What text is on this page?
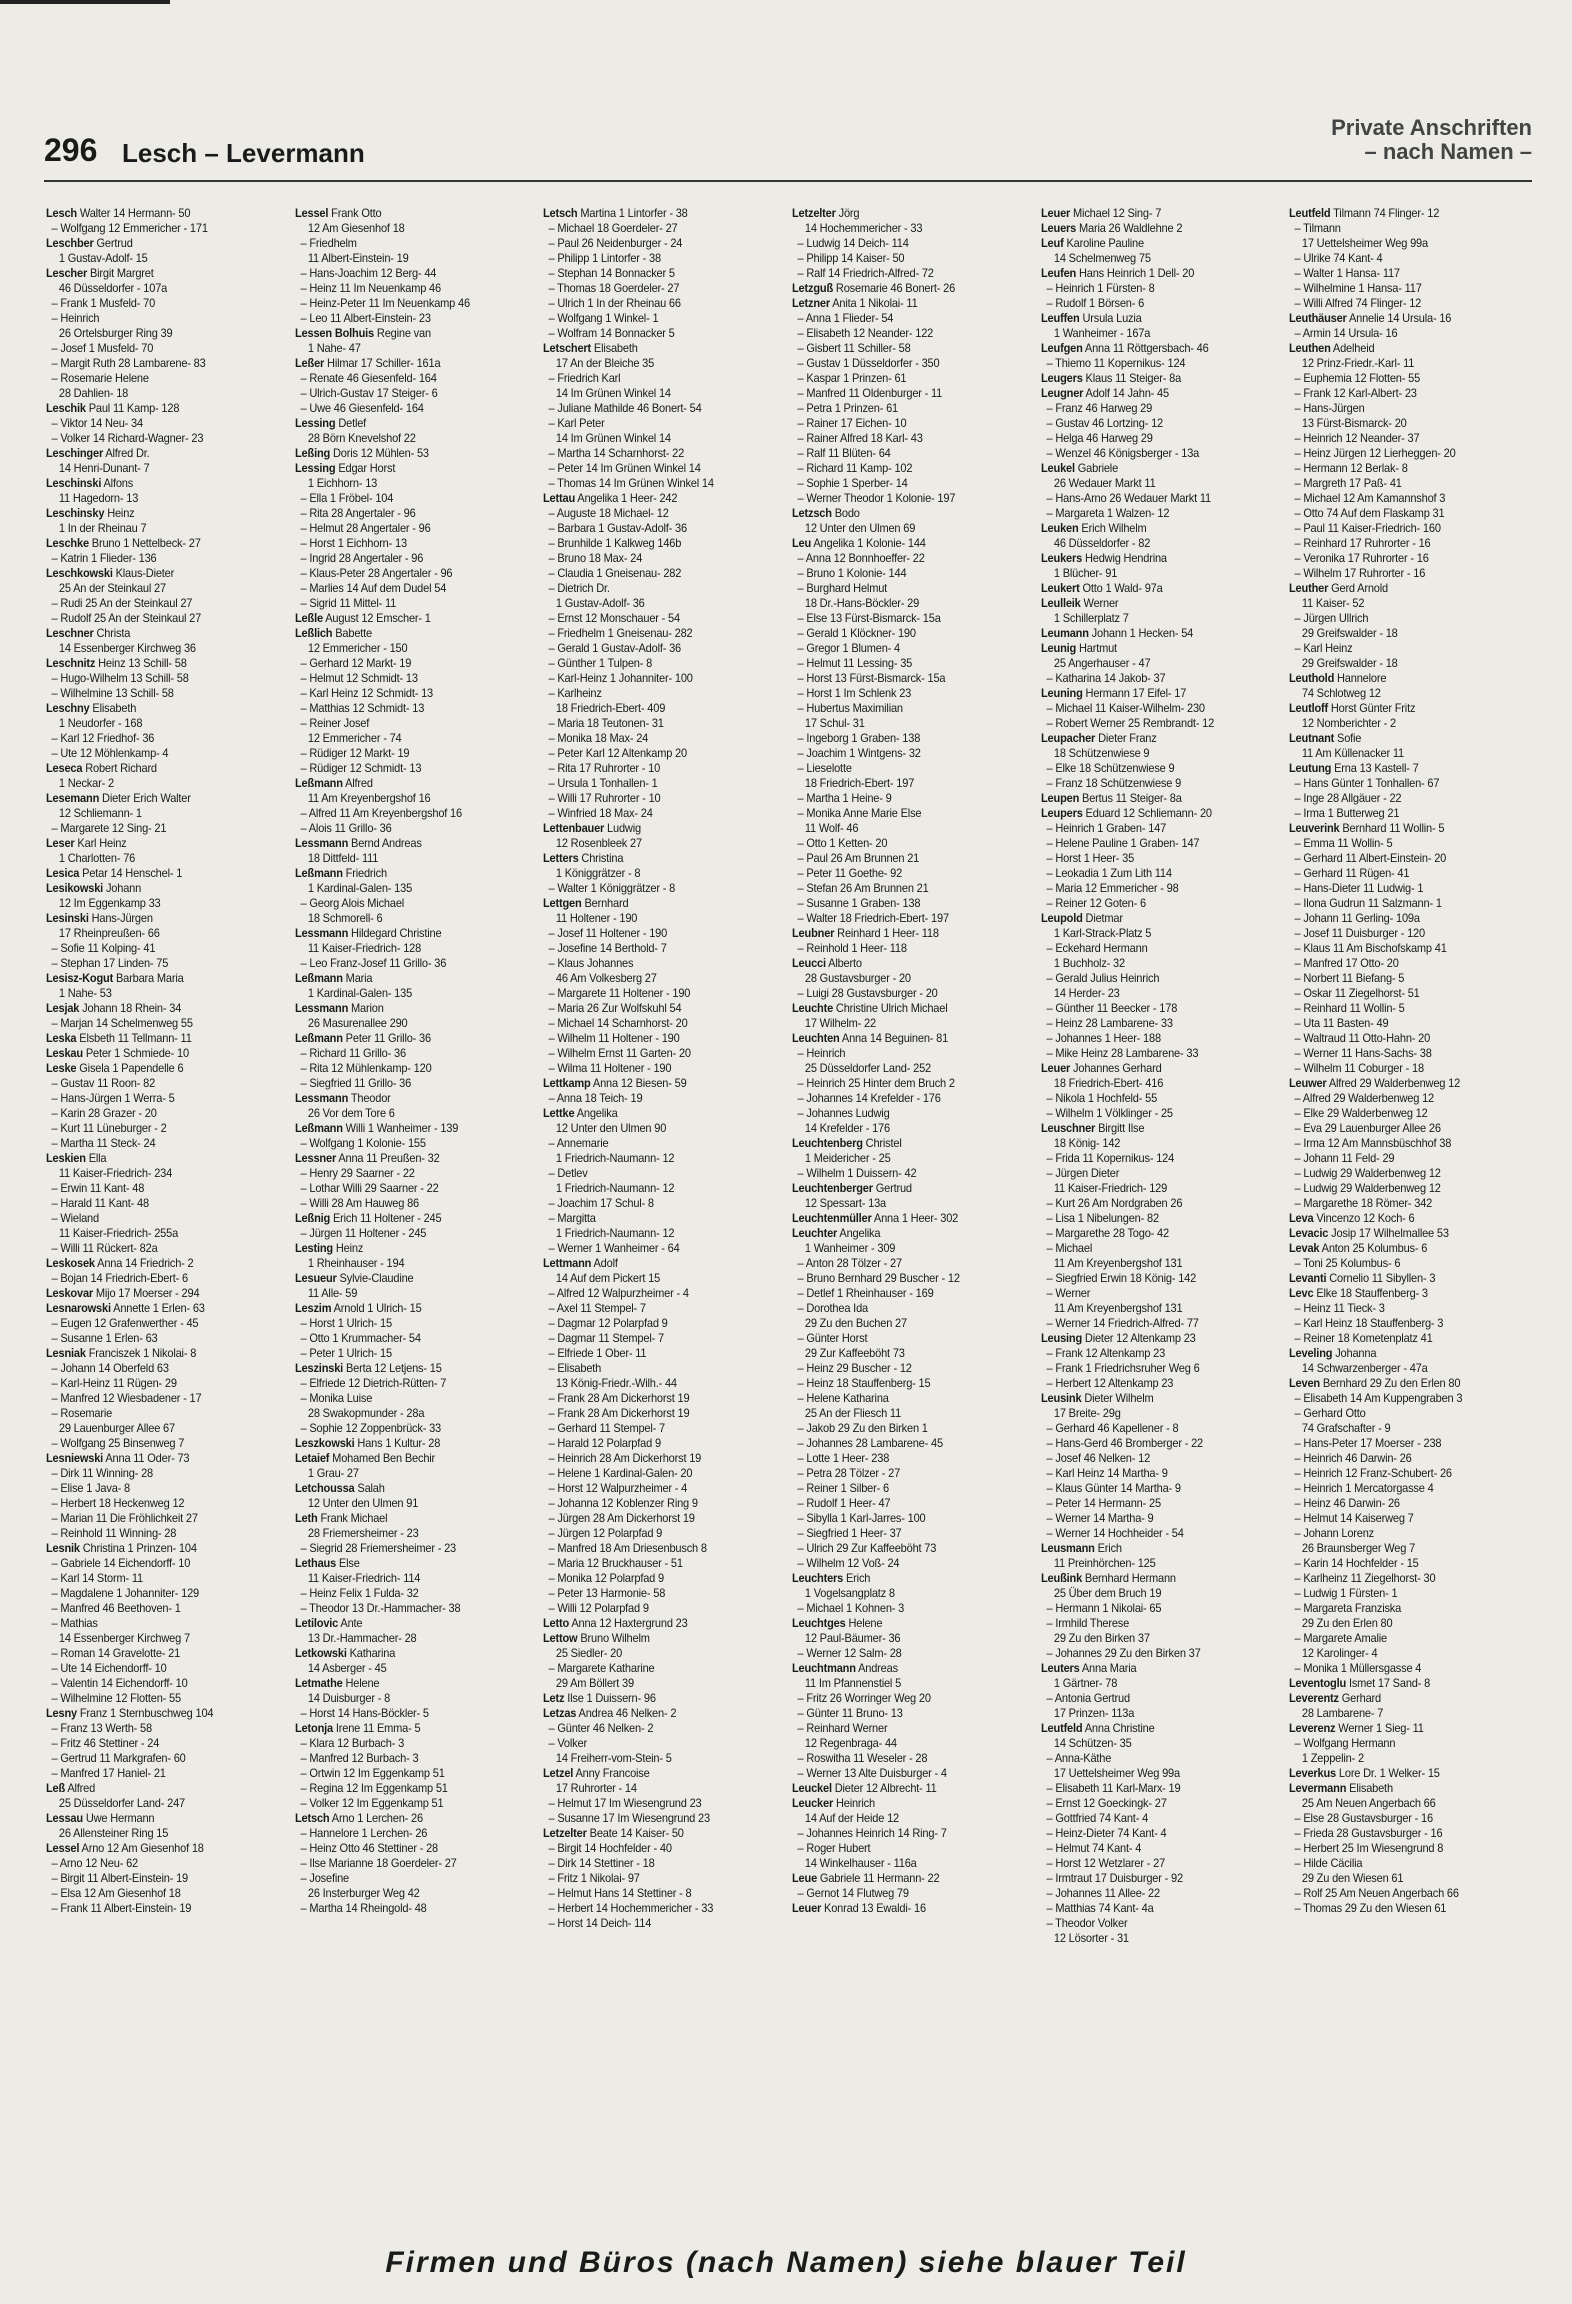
296 Lesch – Levermann
Private Anschriften
– nach Namen –
Lesch Walter 14 Hermann- 50
– Wolfgang 12 Emmericher - 171
Leschber Gertrud
1 Gustav-Adolf- 15
Lescher Birgit Margret
46 Düsseldorfer - 107a
– Frank 1 Musfeld- 70
– Heinrich
26 Ortelsburger Ring 39
– Josef 1 Musfeld- 70
– Margit Ruth 28 Lambarene- 83
– Rosemarie Helene
28 Dahlien- 18
Leschik Paul 11 Kamp- 128
– Viktor 14 Neu- 34
– Volker 14 Richard-Wagner- 23
Leschinger Alfred Dr.
14 Henri-Dunant- 7
Leschinski Alfons
11 Hagedorn- 13
Leschinsky Heinz
1 In der Rheinau 7
Leschke Bruno 1 Nettelbeck- 27
– Katrin 1 Flieder- 136
Leschkowski Klaus-Dieter
25 An der Steinkaul 27
– Rudi 25 An der Steinkaul 27
– Rudolf 25 An der Steinkaul 27
Leschner Christa
14 Essenberger Kirchweg 36
Leschnitz Heinz 13 Schill- 58
– Hugo-Wilhelm 13 Schill- 58
– Wilhelmine 13 Schill- 58
Leschny Elisabeth
1 Neudorfer - 168
– Karl 12 Friedhof- 36
– Ute 12 Möhlenkamp- 4
Leseca Robert Richard
1 Neckar- 2
Lesemann Dieter Erich Walter
12 Schliemann- 1
– Margarete 12 Sing- 21
Leser Karl Heinz
1 Charlotten- 76
Lesica Petar 14 Henschel- 1
Lesikowski Johann
12 Im Eggenkamp 33
Lesinski Hans-Jürgen
17 Rheinpreußen- 66
– Sofie 11 Kolping- 41
– Stephan 17 Linden- 75
Lesisz-Kogut Barbara Maria
1 Nahe- 53
Lesjak Johann 18 Rhein- 34
– Marjan 14 Schelmenweg 55
Leska Elsbeth 11 Tellmann- 11
Leskau Peter 1 Schmiede- 10
Leske Gisela 1 Papendelle 6
– Gustav 11 Roon- 82
– Hans-Jürgen 1 Werra- 5
– Karin 28 Grazer - 20
– Kurt 11 Lüneburger - 2
– Martha 11 Steck- 24
Leskien Ella
11 Kaiser-Friedrich- 234
– Erwin 11 Kant- 48
– Harald 11 Kant- 48
– Wieland
11 Kaiser-Friedrich- 255a
– Willi 11 Rückert- 82a
Leskosek Anna 14 Friedrich- 2
– Bojan 14 Friedrich-Ebert- 6
Leskovar Mijo 17 Moerser - 294
Lesnarowski Annette 1 Erlen- 63
– Eugen 12 Grafenwerther - 45
– Susanne 1 Erlen- 63
Lesniak Franciszek 1 Nikolai- 8
– Johann 14 Oberfeld 63
– Karl-Heinz 11 Rügen- 29
– Manfred 12 Wiesbadener - 17
– Rosemarie
29 Lauenburger Allee 67
– Wolfgang 25 Binsenweg 7
Lesniewski Anna 11 Oder- 73
– Dirk 11 Winning- 28
– Elise 1 Java- 8
– Herbert 18 Heckenweg 12
– Marian 11 Die Fröhlichkeit 27
– Reinhold 11 Winning- 28
Lesnik Christina 1 Prinzen- 104
– Gabriele 14 Eichendorff- 10
– Karl 14 Storm- 11
– Magdalene 1 Johanniter- 129
– Manfred 46 Beethoven- 1
– Mathias
14 Essenberger Kirchweg 7
– Roman 14 Gravelotte- 21
– Ute 14 Eichendorff- 10
– Valentin 14 Eichendorff- 10
– Wilhelmine 12 Flotten- 55
Lesny Franz 1 Sternbuschweg 104
– Franz 13 Werth- 58
– Fritz 46 Stettiner - 24
– Gertrud 11 Markgrafen- 60
– Manfred 17 Haniel- 21
Leß Alfred
25 Düsseldorfer Land- 247
Lessau Uwe Hermann
26 Allensteiner Ring 15
Lessel Arno 12 Am Giesenhof 18
– Arno 12 Neu- 62
– Birgit 11 Albert-Einstein- 19
– Elsa 12 Am Giesenhof 18
– Frank 11 Albert-Einstein- 19
Lessel Frank Otto
12 Am Giesenhof 18
– Friedhelm
11 Albert-Einstein- 19
– Hans-Joachim 12 Berg- 44
– Heinz 11 Im Neuenkamp 46
– Heinz-Peter 11 Im Neuenkamp 46
– Leo 11 Albert-Einstein- 23
Lessen Bolhuis Regine van
1 Nahe- 47
Leßer Hilmar 17 Schiller- 161a
– Renate 46 Giesenfeld- 164
– Ulrich-Gustav 17 Steiger- 6
– Uwe 46 Giesenfeld- 164
Lessing Detlef
28 Börn Knevelshof 22
Leßing Doris 12 Mühlen- 53
Lessing Edgar Horst
1 Eichhorn- 13
– Ella 1 Fröbel- 104
– Rita 28 Angertaler - 96
– Helmut 28 Angertaler - 96
– Horst 1 Eichhorn- 13
– Ingrid 28 Angertaler - 96
– Klaus-Peter 28 Angertaler - 96
– Marlies 14 Auf dem Dudel 54
– Sigrid 11 Mittel- 11
Leßle August 12 Emscher- 1
Leßlich Babette
12 Emmericher - 150
– Gerhard 12 Markt- 19
– Helmut 12 Schmidt- 13
– Karl Heinz 12 Schmidt- 13
– Matthias 12 Schmidt- 13
– Reiner Josef
12 Emmericher - 74
– Rüdiger 12 Markt- 19
– Rüdiger 12 Schmidt- 13
Leßmann Alfred
11 Am Kreyenbergshof 16
– Alfred 11 Am Kreyenbergshof 16
– Alois 11 Grillo- 36
Lessmann Bernd Andreas
18 Dittfeld- 111
Leßmann Friedrich
1 Kardinal-Galen- 135
– Georg Alois Michael
18 Schmorell- 6
Lessmann Hildegard Christine
11 Kaiser-Friedrich- 128
– Leo Franz-Josef 11 Grillo- 36
Leßmann Maria
1 Kardinal-Galen- 135
Lessmann Marion
26 Masurenallee 290
Leßmann Peter 11 Grillo- 36
– Richard 11 Grillo- 36
– Rita 12 Mühlenkamp- 120
– Siegfried 11 Grillo- 36
Lessmann Theodor
26 Vor dem Tore 6
Leßmann Willi 1 Wanheimer - 139
– Wolfgang 1 Kolonie- 155
Lessner Anna 11 Preußen- 32
– Henry 29 Saarner - 22
– Lothar Willi 29 Saarner - 22
– Willi 28 Am Hauweg 86
Leßnig Erich 11 Holtener - 245
– Jürgen 11 Holtener - 245
Lesting Heinz
1 Rheinhauser - 194
Lesueur Sylvie-Claudine
11 Alle- 59
Leszim Arnold 1 Ulrich- 15
– Horst 1 Ulrich- 15
– Otto 1 Krummacher- 54
– Peter 1 Ulrich- 15
Leszinski Berta 12 Letjens- 15
– Elfriede 12 Dietrich-Rütten- 7
– Monika Luise
28 Swakopmunder - 28a
– Sophie 12 Zoppenbrück- 33
Leszkowski Hans 1 Kultur- 28
Letaief Mohamed Ben Bechir
1 Grau- 27
Letchoussa Salah
12 Unter den Ulmen 91
Leth Frank Michael
28 Friemersheimer - 23
– Siegrid 28 Friemersheimer - 23
Lethaus Else
11 Kaiser-Friedrich- 114
– Heinz Felix 1 Fulda- 32
– Theodor 13 Dr.-Hammacher- 38
Letilovic Ante
13 Dr.-Hammacher- 28
Letkowski Katharina
14 Asberger - 45
Letmathe Helene
14 Duisburger - 8
– Horst 14 Hans-Böckler- 5
Letonja Irene 11 Emma- 5
– Klara 12 Burbach- 3
– Manfred 12 Burbach- 3
– Ortwin 12 Im Eggenkamp 51
– Regina 12 Im Eggenkamp 51
– Volker 12 Im Eggenkamp 51
Letsch Arno 1 Lerchen- 26
– Hannelore 1 Lerchen- 26
– Heinz Otto 46 Stettiner - 28
– Ilse Marianne 18 Goerdeler- 27
– Josefine
26 Insterburger Weg 42
– Martha 14 Rheingold- 48
Letsch Martina 1 Lintorfer - 38
– Michael 18 Goerdeler- 27
– Paul 26 Neidenburger - 24
– Philipp 1 Lintorfer - 38
– Stephan 14 Bonnacker 5
– Thomas 18 Goerdeler- 27
– Ulrich 1 In der Rheinau 66
– Wolfgang 1 Winkel- 1
– Wolfram 14 Bonnacker 5
Letschert Elisabeth
17 An der Bleiche 35
– Friedrich Karl
14 Im Grünen Winkel 14
– Juliane Mathilde 46 Bonert- 54
– Karl Peter
14 Im Grünen Winkel 14
– Martha 14 Scharnhorst- 22
– Peter 14 Im Grünen Winkel 14
– Thomas 14 Im Grünen Winkel 14
Lettau Angelika 1 Heer- 242
– Auguste 18 Michael- 12
– Barbara 1 Gustav-Adolf- 36
– Brunhilde 1 Kalkweg 146b
– Bruno 18 Max- 24
– Claudia 1 Gneisenau- 282
– Dietrich Dr.
1 Gustav-Adolf- 36
– Ernst 12 Monschauer - 54
– Friedhelm 1 Gneisenau- 282
– Gerald 1 Gustav-Adolf- 36
– Günther 1 Tulpen- 8
– Karl-Heinz 1 Johanniter- 100
– Karlheinz
18 Friedrich-Ebert- 409
– Maria 18 Teutonen- 31
– Monika 18 Max- 24
– Peter Karl 12 Altenkamp 20
– Rita 17 Ruhrorter - 10
– Ursula 1 Tonhallen- 1
– Willi 17 Ruhrorter - 10
– Winfried 18 Max- 24
Lettenbauer Ludwig
12 Rosenbleek 27
Letters Christina
1 Königgrätzer - 8
– Walter 1 Königgrätzer - 8
Lettgen Bernhard
11 Holtener - 190
– Josef 11 Holtener - 190
– Josefine 14 Berthold- 7
– Klaus Johannes
46 Am Volkesberg 27
– Margarete 11 Holtener - 190
– Maria 26 Zur Wolfskuhl 54
– Michael 14 Scharnhorst- 20
– Wilhelm 11 Holtener - 190
– Wilhelm Ernst 11 Garten- 20
– Wilma 11 Holtener - 190
Lettkamp Anna 12 Biesen- 59
– Anna 18 Teich- 19
Lettke Angelika
12 Unter den Ulmen 90
– Annemarie
1 Friedrich-Naumann- 12
– Detlev
1 Friedrich-Naumann- 12
– Joachim 17 Schul- 8
– Margitta
1 Friedrich-Naumann- 12
– Werner 1 Wanheimer - 64
Lettmann Adolf
14 Auf dem Pickert 15
– Alfred 12 Walpurzheimer - 4
– Axel 11 Stempel- 7
– Dagmar 12 Polarpfad 9
– Dagmar 11 Stempel- 7
– Elfriede 1 Ober- 11
– Elisabeth
13 König-Friedr.-Wilh.- 44
– Frank 28 Am Dickerhorst 19
– Frank 28 Am Dickerhorst 19
– Gerhard 11 Stempel- 7
– Harald 12 Polarpfad 9
– Heinrich 28 Am Dickerhorst 19
– Helene 1 Kardinal-Galen- 20
– Horst 12 Walpurzheimer - 4
– Johanna 12 Koblenzer Ring 9
– Jürgen 28 Am Dickerhorst 19
– Jürgen 12 Polarpfad 9
– Manfred 18 Am Driesenbusch 8
– Maria 12 Bruckhauser - 51
– Monika 12 Polarpfad 9
– Peter 13 Harmonie- 58
– Willi 12 Polarpfad 9
Letto Anna 12 Haxtergrund 23
Lettow Bruno Wilhelm
25 Siedler- 20
– Margarete Katharine
29 Am Böllert 39
Letz Ilse 1 Duissern- 96
Letzas Andrea 46 Nelken- 2
– Günter 46 Nelken- 2
– Volker
14 Freiherr-vom-Stein- 5
Letzel Anny Francoise
17 Ruhrorter - 14
– Helmut 17 Im Wiesengrund 23
– Susanne 17 Im Wiesengrund 23
Letzelter Beate 14 Kaiser- 50
– Birgit 14 Hochfelder - 40
– Dirk 14 Stettiner - 18
– Fritz 1 Nikolai- 97
– Helmut Hans 14 Stettiner - 8
– Herbert 14 Hochemmericher - 33
– Horst 14 Deich- 114
Letzelter Jörg
14 Hochemmericher - 33
– Ludwig 14 Deich- 114
– Philipp 14 Kaiser- 50
– Ralf 14 Friedrich-Alfred- 72
Letzguß Rosemarie 46 Bonert- 26
Letzner Anita 1 Nikolai- 11
– Anna 1 Flieder- 54
– Elisabeth 12 Neander- 122
– Gisbert 11 Schiller- 58
– Gustav 1 Düsseldorfer - 350
– Kaspar 1 Prinzen- 61
– Manfred 11 Oldenburger - 11
– Petra 1 Prinzen- 61
– Rainer 17 Eichen- 10
– Rainer Alfred 18 Karl- 43
– Ralf 11 Blüten- 64
– Richard 11 Kamp- 102
– Sophie 1 Sperber- 14
– Werner Theodor 1 Kolonie- 197
Letzsch Bodo
12 Unter den Ulmen 69
Leu Angelika 1 Kolonie- 144
– Anna 12 Bonnhoeffer- 22
– Bruno 1 Kolonie- 144
– Burghard Helmut
18 Dr.-Hans-Böckler- 29
– Else 13 Fürst-Bismarck- 15a
– Gerald 1 Klöckner- 190
– Gregor 1 Blumen- 4
– Helmut 11 Lessing- 35
– Horst 13 Fürst-Bismarck- 15a
– Horst 1 Im Schlenk 23
– Hubertus Maximilian
17 Schul- 31
– Ingeborg 1 Graben- 138
– Joachim 1 Wintgens- 32
– Lieselotte
18 Friedrich-Ebert- 197
– Martha 1 Heine- 9
– Monika Anne Marie Else
11 Wolf- 46
– Otto 1 Ketten- 20
– Paul 26 Am Brunnen 21
– Peter 11 Goethe- 92
– Stefan 26 Am Brunnen 21
– Susanne 1 Graben- 138
– Walter 18 Friedrich-Ebert- 197
Leubner Reinhard 1 Heer- 118
– Reinhold 1 Heer- 118
Leucci Alberto
28 Gustavsburger - 20
– Luigi 28 Gustavsburger - 20
Leuchte Christine Ulrich Michael
17 Wilhelm- 22
Leuchten Anna 14 Beguinen- 81
– Heinrich
25 Düsseldorfer Land- 252
– Heinrich 25 Hinter dem Bruch 2
– Johannes 14 Krefelder - 176
– Johannes Ludwig
14 Krefelder - 176
Leuchtenberg Christel
1 Meidericher - 25
– Wilhelm 1 Duissern- 42
Leuchtenberger Gertrud
12 Spessart- 13a
Leuchtenmüller Anna 1 Heer- 302
Leuchter Angelika
1 Wanheimer - 309
– Anton 28 Tölzer - 27
– Bruno Bernhard 29 Buscher - 12
– Detlef 1 Rheinhauser - 169
– Dorothea Ida
29 Zu den Buchen 27
– Günter Horst
29 Zur Kaffeeböht 73
– Heinz 29 Buscher - 12
– Heinz 18 Stauffenberg- 15
– Helene Katharina
25 An der Fliesch 11
– Jakob 29 Zu den Birken 1
– Johannes 28 Lambarene- 45
– Lotte 1 Heer- 238
– Petra 28 Tölzer - 27
– Reiner 1 Silber- 6
– Rudolf 1 Heer- 47
– Sibylla 1 Karl-Jarres- 100
– Siegfried 1 Heer- 37
– Ulrich 29 Zur Kaffeeböht 73
– Wilhelm 12 Voß- 24
Leuchters Erich
1 Vogelsangplatz 8
– Michael 1 Kohnen- 3
Leuchtges Helene
12 Paul-Bäumer- 36
– Werner 12 Salm- 28
Leuchtmann Andreas
11 Im Pfannenstiel 5
– Fritz 26 Worringer Weg 20
– Günter 11 Bruno- 13
– Reinhard Werner
12 Regenbraga- 44
– Roswitha 11 Weseler - 28
– Werner 13 Alte Duisburger - 4
Leuckel Dieter 12 Albrecht- 11
Leucker Heinrich
14 Auf der Heide 12
– Johannes Heinrich 14 Ring- 7
– Roger Hubert
14 Winkelhauser - 116a
Leue Gabriele 11 Hermann- 22
– Gernot 14 Flutweg 79
Leuer Konrad 13 Ewaldi- 16
Leuer Michael 12 Sing- 7
Leuers Maria 26 Waldlehne 2
Leuf Karoline Pauline
14 Schelmenweg 75
Leufen Hans Heinrich 1 Dell- 20
– Heinrich 1 Fürsten- 8
– Rudolf 1 Börsen- 6
Leuffen Ursula Luzia
1 Wanheimer - 167a
Leufgen Anna 11 Röttgersbach- 46
– Thiemo 11 Kopernikus- 124
Leugers Klaus 11 Steiger- 8a
Leugner Adolf 14 Jahn- 45
– Franz 46 Harweg 29
– Gustav 46 Lortzing- 12
– Helga 46 Harweg 29
– Wenzel 46 Königsberger - 13a
Leukel Gabriele
26 Wedauer Markt 11
– Hans-Arno 26 Wedauer Markt 11
– Margareta 1 Walzen- 12
Leuken Erich Wilhelm
46 Düsseldorfer - 82
Leukers Hedwig Hendrina
1 Blücher- 91
Leukert Otto 1 Wald- 97a
Leulleik Werner
1 Schillerplatz 7
Leumann Johann 1 Hecken- 54
Leunig Hartmut
25 Angerhauser - 47
– Katharina 14 Jakob- 37
Leuning Hermann 17 Eifel- 17
– Michael 11 Kaiser-Wilhelm- 230
– Robert Werner 25 Rembrandt- 12
Leupacher Dieter Franz
18 Schützenwiese 9
– Elke 18 Schützenwiese 9
– Franz 18 Schützenwiese 9
Leupen Bertus 11 Steiger- 8a
Leupers Eduard 12 Schliemann- 20
– Heinrich 1 Graben- 147
– Helene Pauline 1 Graben- 147
– Horst 1 Heer- 35
– Leokadia 1 Zum Lith 114
– Maria 12 Emmericher - 98
– Reiner 12 Goten- 6
Leupold Dietmar
1 Karl-Strack-Platz 5
– Eckehard Hermann
1 Buchholz- 32
– Gerald Julius Heinrich
14 Herder- 23
– Günther 11 Beecker - 178
– Heinz 28 Lambarene- 33
– Johannes 1 Heer- 188
– Mike Heinz 28 Lambarene- 33
Leuer Johannes Gerhard
18 Friedrich-Ebert- 416
– Nikola 1 Hochfeld- 55
– Wilhelm 1 Völklinger - 25
Leuschner Birgitt Ilse
18 König- 142
– Frida 11 Kopernikus- 124
– Jürgen Dieter
11 Kaiser-Friedrich- 129
– Kurt 26 Am Nordgraben 26
– Lisa 1 Nibelungen- 82
– Margarethe 28 Togo- 42
– Michael
11 Am Kreyenbergshof 131
– Siegfried Erwin 18 König- 142
– Werner
11 Am Kreyenbergshof 131
– Werner 14 Friedrich-Alfred- 77
Leusing Dieter 12 Altenkamp 23
– Frank 12 Altenkamp 23
– Frank 1 Friedrichsruher Weg 6
– Herbert 12 Altenkamp 23
Leusink Dieter Wilhelm
17 Breite- 29g
– Gerhard 46 Kapellener - 8
– Hans-Gerd 46 Bromberger - 22
– Josef 46 Nelken- 12
– Karl Heinz 14 Martha- 9
– Klaus Günter 14 Martha- 9
– Peter 14 Hermann- 25
– Werner 14 Martha- 9
– Werner 14 Hochheider - 54
Leusmann Erich
11 Preinhörchen- 125
Leußink Bernhard Hermann
25 Über dem Bruch 19
– Hermann 1 Nikolai- 65
– Irmhild Therese
29 Zu den Birken 37
– Johannes 29 Zu den Birken 37
Leuters Anna Maria
1 Gärtner- 78
– Antonia Gertrud
17 Prinzen- 113a
Leutfeld Anna Christine
14 Schützen- 35
– Anna-Käthe
17 Uettelsheimer Weg 99a
– Elisabeth 11 Karl-Marx- 19
– Ernst 12 Goeckingk- 27
– Gottfried 74 Kant- 4
– Heinz-Dieter 74 Kant- 4
– Helmut 74 Kant- 4
– Horst 12 Wetzlarer - 27
– Irmtraut 17 Duisburger - 92
– Johannes 11 Allee- 22
– Matthias 74 Kant- 4a
– Theodor Volker
12 Lösorter - 31
Leutfeld Tilmann 74 Flinger- 12
– Tilmann
17 Uettelsheimer Weg 99a
– Ulrike 74 Kant- 4
– Walter 1 Hansa- 117
– Wilhelmine 1 Hansa- 117
– Willi Alfred 74 Flinger- 12
Leuthäuser Annelie 14 Ursula- 16
– Armin 14 Ursula- 16
Leuthen Adelheid
12 Prinz-Friedr.-Karl- 11
– Euphemia 12 Flotten- 55
– Frank 12 Karl-Albert- 23
– Hans-Jürgen
13 Fürst-Bismarck- 20
– Heinrich 12 Neander- 37
– Heinz Jürgen 12 Lierheggen- 20
– Hermann 12 Berlak- 8
– Margreth 17 Paß- 41
– Michael 12 Am Kamannshof 3
– Otto 74 Auf dem Flaskamp 31
– Paul 11 Kaiser-Friedrich- 160
– Reinhard 17 Ruhrorter - 16
– Veronika 17 Ruhrorter - 16
– Wilhelm 17 Ruhrorter - 16
Leuther Gerd Arnold
11 Kaiser- 52
– Jürgen Ullrich
29 Greifswalder - 18
– Karl Heinz
29 Greifswalder - 18
Leuthold Hannelore
74 Schlotweg 12
Leutloff Horst Günter Fritz
12 Nomberichter - 2
Leutnant Sofie
11 Am Küllenacker 11
Leutung Erna 13 Kastell- 7
– Hans Günter 1 Tonhallen- 67
– Inge 28 Allgäuer - 22
– Irma 1 Butterweg 21
Leuverink Bernhard 11 Wollin- 5
– Emma 11 Wollin- 5
– Gerhard 11 Albert-Einstein- 20
– Gerhard 11 Rügen- 41
– Hans-Dieter 11 Ludwig- 1
– Ilona Gudrun 11 Salzmann- 1
– Johann 11 Gerling- 109a
– Josef 11 Duisburger - 120
– Klaus 11 Am Bischofskamp 41
– Manfred 17 Otto- 20
– Norbert 11 Biefang- 5
– Oskar 11 Ziegelhorst- 51
– Reinhard 11 Wollin- 5
– Uta 11 Basten- 49
– Waltraud 11 Otto-Hahn- 20
– Werner 11 Hans-Sachs- 38
– Wilhelm 11 Coburger - 18
Leuwer Alfred 29 Walderbenweg 12
– Alfred 29 Walderbenweg 12
– Elke 29 Walderbenweg 12
– Eva 29 Lauenburger Allee 26
– Irma 12 Am Mannsbüschhof 38
– Johann 11 Feld- 29
– Ludwig 29 Walderbenweg 12
– Ludwig 29 Walderbenweg 12
– Margarethe 18 Römer- 342
Leva Vincenzo 12 Koch- 6
Levacic Josip 17 Wilhelmallee 53
Levak Anton 25 Kolumbus- 6
– Toni 25 Kolumbus- 6
Levanti Cornelio 11 Sibyllen- 3
Levc Elke 18 Stauffenberg- 3
– Heinz 11 Tieck- 3
– Karl Heinz 18 Stauffenberg- 3
– Reiner 18 Kometenplatz 41
Leveling Johanna
14 Schwarzenberger - 47a
Leven Bernhard 29 Zu den Erlen 80
– Elisabeth 14 Am Kuppengraben 3
– Gerhard Otto
74 Grafschafter - 9
– Hans-Peter 17 Moerser - 238
– Heinrich 46 Darwin- 26
– Heinrich 12 Franz-Schubert- 26
– Heinrich 1 Mercatorgasse 4
– Heinz 46 Darwin- 26
– Helmut 14 Kaiserweg 7
– Johann Lorenz
26 Braunsberger Weg 7
– Karin 14 Hochfelder - 15
– Karlheinz 11 Ziegelhorst- 30
– Ludwig 1 Fürsten- 1
– Margareta Franziska
29 Zu den Erlen 80
– Margarete Amalie
12 Karolinger- 4
– Monika 1 Müllersgasse 4
Leventoglu Ismet 17 Sand- 8
Leverentz Gerhard
28 Lambarene- 7
Leverenz Werner 1 Sieg- 11
– Wolfgang Hermann
1 Zeppelin- 2
Leverkus Lore Dr. 1 Welker- 15
Levermann Elisabeth
25 Am Neuen Angerbach 66
– Else 28 Gustavsburger - 16
– Frieda 28 Gustavsburger - 16
– Herbert 25 Im Wiesengrund 8
– Hilde Cäcilia
29 Zu den Wiesen 61
– Rolf 25 Am Neuen Angerbach 66
– Thomas 29 Zu den Wiesen 61
Firmen und Büros (nach Namen) siehe blauer Teil
